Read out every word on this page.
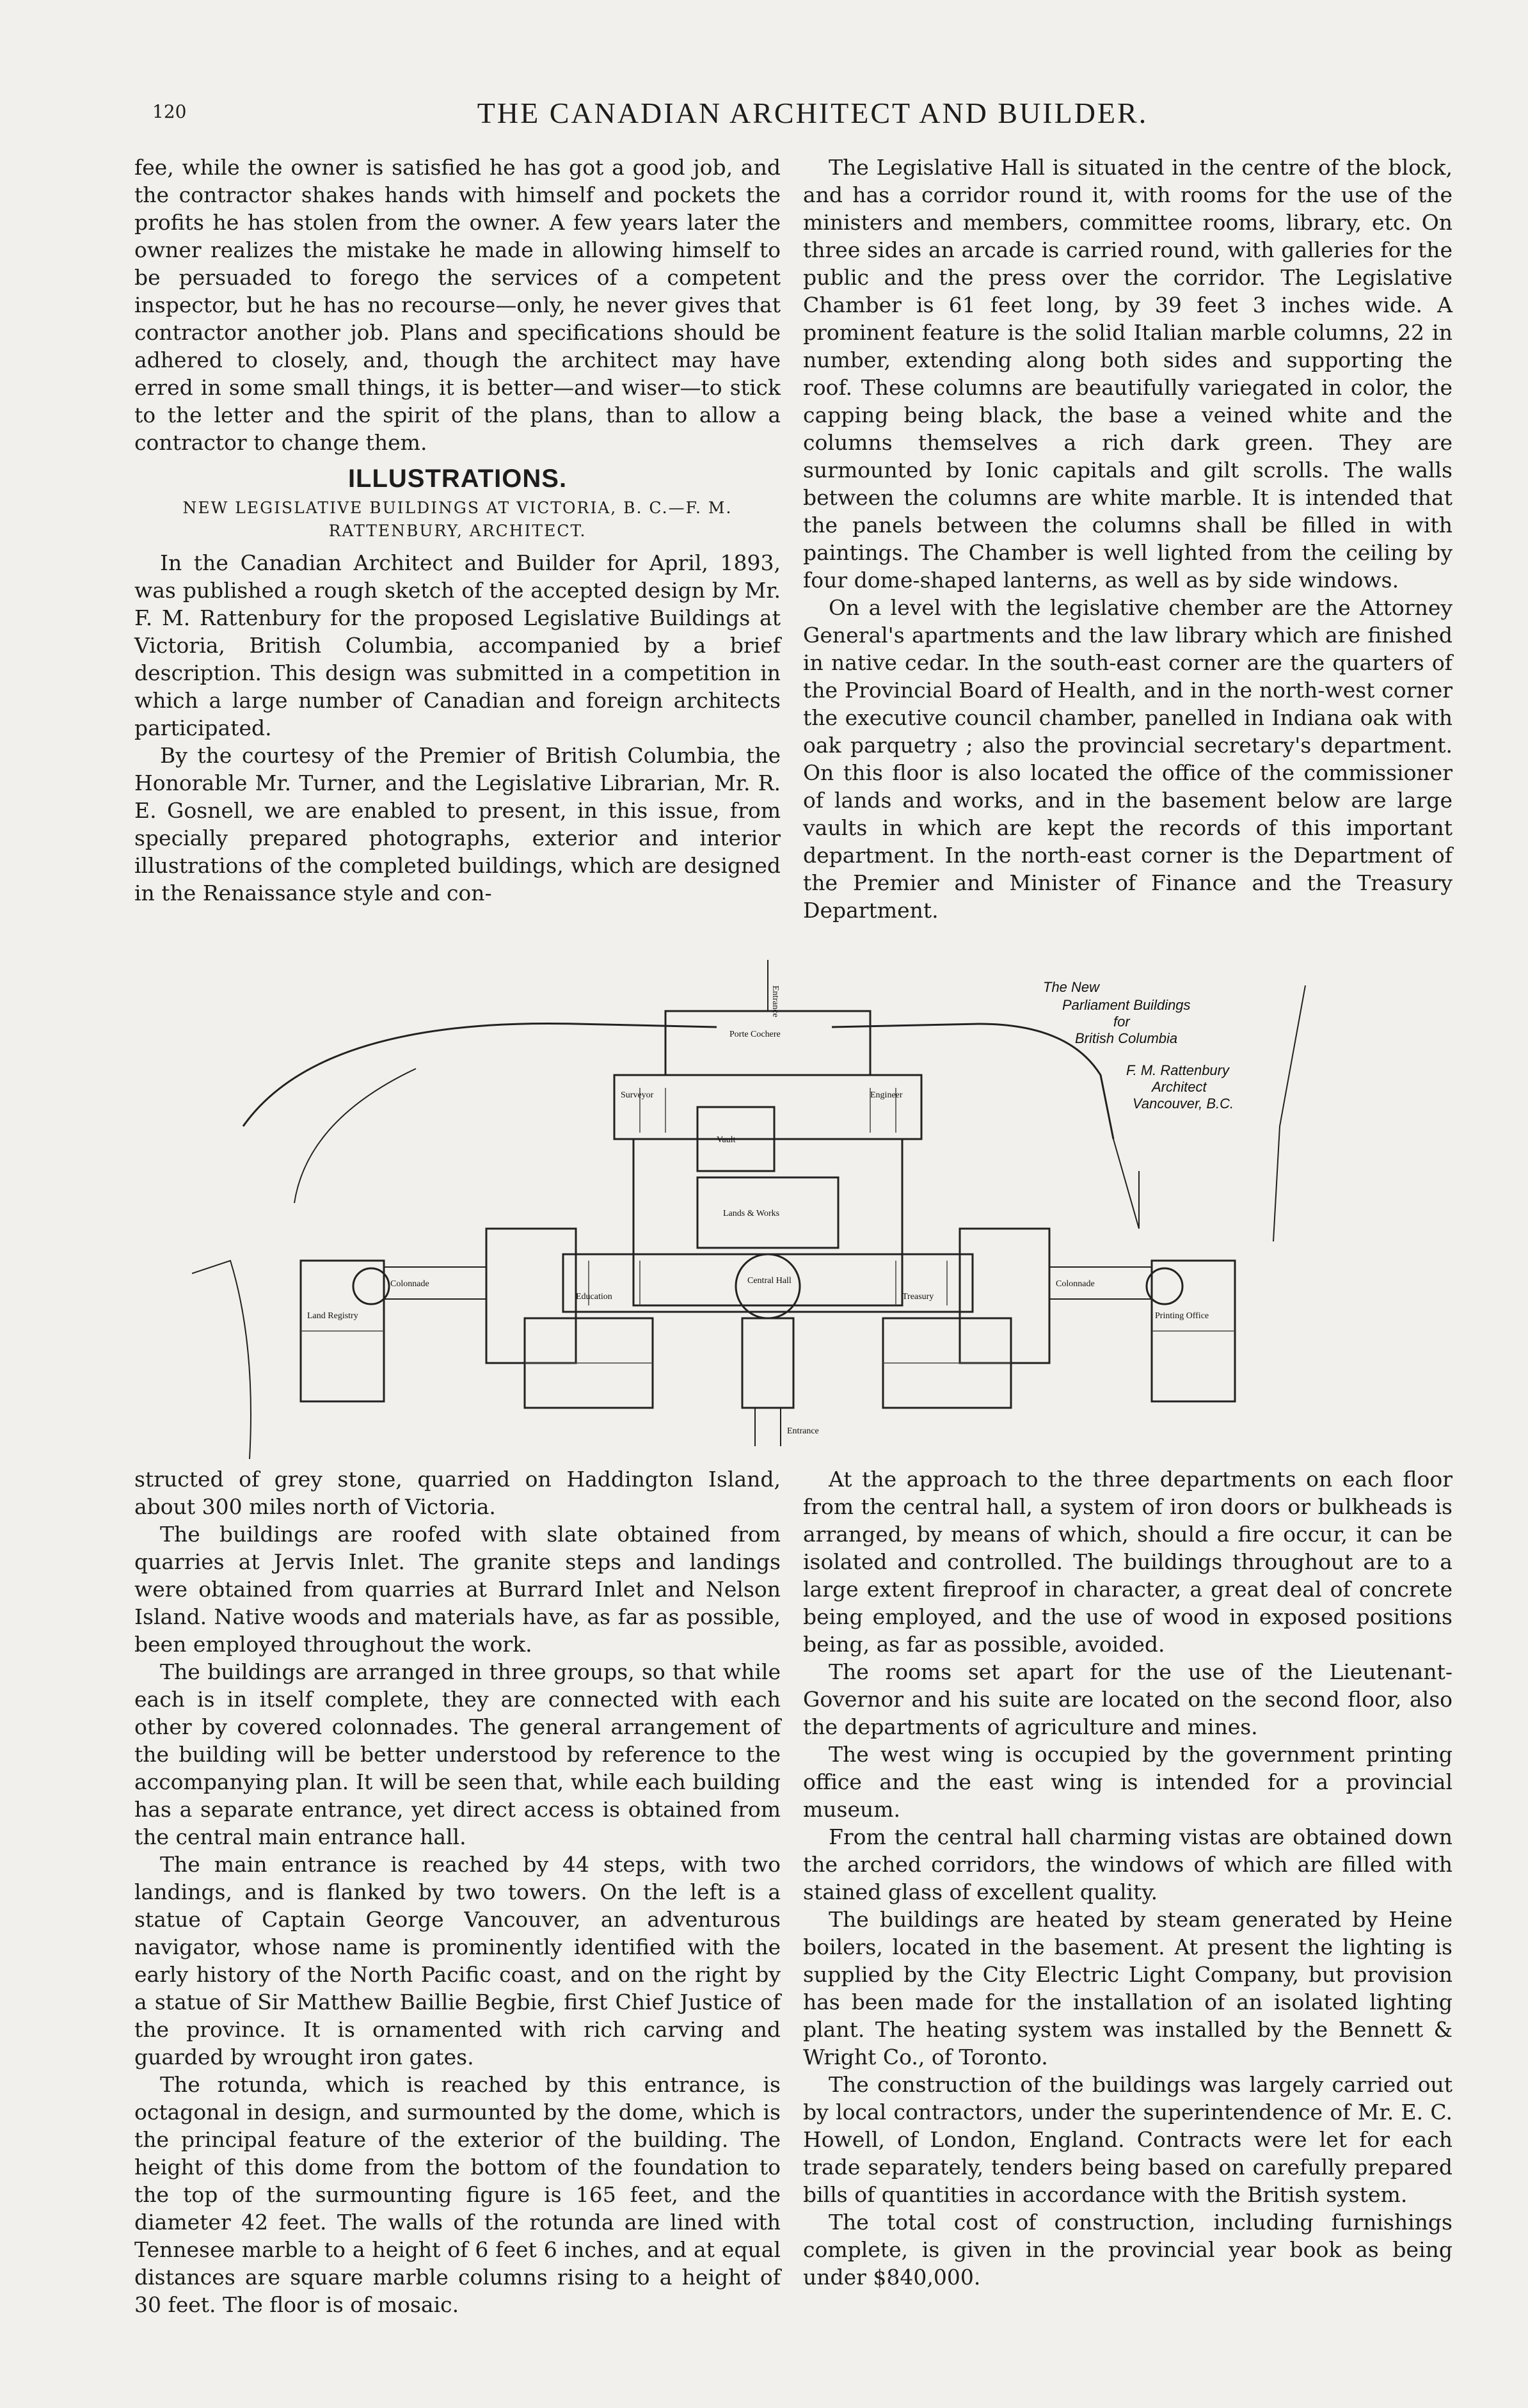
120	THE CANADIAN ARCHITECT AND BUILDER.

fee, while the owner is satisfied he has got a good job, and the contractor shakes hands with himself and pockets the profits he has stolen from the owner. A few years later the owner realizes the mistake he made in allowing himself to be persuaded to forego the services of a competent inspector, but he has no recourse—only, he never gives that contractor another job. Plans and specifications should be adhered to closely, and, though the architect may have erred in some small things, it is better—and wiser—to stick to the letter and the spirit of the plans, than to allow a contractor to change them.

ILLUSTRATIONS.
NEW LEGISLATIVE BUILDINGS AT VICTORIA, B. C.—F. M. RATTENBURY, ARCHITECT.

In the Canadian Architect and Builder for April, 1893, was published a rough sketch of the accepted design by Mr. F. M. Rattenbury for the proposed Legislative Buildings at Victoria, British Columbia, accompanied by a brief description. This design was submitted in a competition in which a large number of Canadian and foreign architects participated.

By the courtesy of the Premier of British Columbia, the Honorable Mr. Turner, and the Legislative Librarian, Mr. R. E. Gosnell, we are enabled to present, in this issue, from specially prepared photographs, exterior and interior illustrations of the completed buildings, which are designed in the Renaissance style and con-

The Legislative Hall is situated in the centre of the block, and has a corridor round it, with rooms for the use of the ministers and members, committee rooms, library, etc. On three sides an arcade is carried round, with galleries for the public and the press over the corridor. The Legislative Chamber is 61 feet long, by 39 feet 3 inches wide. A prominent feature is the solid Italian marble columns, 22 in number, extending along both sides and supporting the roof. These columns are beautifully variegated in color, the capping being black, the base a veined white and the columns themselves a rich dark green. They are surmounted by Ionic capitals and gilt scrolls. The walls between the columns are white marble. It is intended that the panels between the columns shall be filled in with paintings. The Chamber is well lighted from the ceiling by four dome-shaped lanterns, as well as by side windows.

On a level with the legislative chember are the Attorney General's apartments and the law library which are finished in native cedar. In the south-east corner are the quarters of the Provincial Board of Health, and in the north-west corner the executive council chamber, panelled in Indiana oak with oak parquetry ; also the provincial secretary's department. On this floor is also located the office of the commissioner of lands and works, and in the basement below are large vaults in which are kept the records of this important department. In the north-east corner is the Department of the Premier and Minister of Finance and the Treasury Department.

Entrance
Porte Cochere
Surveyor	Engineer
Vault
Lands & Works
Central Hall
Colonnade	Colonnade
Land Registry
Education	Treasury
Printing Office
Entrance
The New
Parliament Buildings
for
British Columbia
F. M. Rattenbury
Architect
Vancouver, B.C.

structed of grey stone, quarried on Haddington Island, about 300 miles north of Victoria.

The buildings are roofed with slate obtained from quarries at Jervis Inlet. The granite steps and landings were obtained from quarries at Burrard Inlet and Nelson Island. Native woods and materials have, as far as possible, been employed throughout the work.

The buildings are arranged in three groups, so that while each is in itself complete, they are connected with each other by covered colonnades. The general arrangement of the building will be better understood by reference to the accompanying plan. It will be seen that, while each building has a separate entrance, yet direct access is obtained from the central main entrance hall.

The main entrance is reached by 44 steps, with two landings, and is flanked by two towers. On the left is a statue of Captain George Vancouver, an adventurous navigator, whose name is prominently identified with the early history of the North Pacific coast, and on the right by a statue of Sir Matthew Baillie Begbie, first Chief Justice of the province. It is ornamented with rich carving and guarded by wrought iron gates.

The rotunda, which is reached by this entrance, is octagonal in design, and surmounted by the dome, which is the principal feature of the exterior of the building. The height of this dome from the bottom of the foundation to the top of the surmounting figure is 165 feet, and the diameter 42 feet. The walls of the rotunda are lined with Tennesee marble to a height of 6 feet 6 inches, and at equal distances are square marble columns rising to a height of 30 feet. The floor is of mosaic.

At the approach to the three departments on each floor from the central hall, a system of iron doors or bulkheads is arranged, by means of which, should a fire occur, it can be isolated and controlled. The buildings throughout are to a large extent fireproof in character, a great deal of concrete being employed, and the use of wood in exposed positions being, as far as possible, avoided.

The rooms set apart for the use of the Lieutenant-Governor and his suite are located on the second floor, also the departments of agriculture and mines.

The west wing is occupied by the government printing office and the east wing is intended for a provincial museum.

From the central hall charming vistas are obtained down the arched corridors, the windows of which are filled with stained glass of excellent quality.

The buildings are heated by steam generated by Heine boilers, located in the basement. At present the lighting is supplied by the City Electric Light Company, but provision has been made for the installation of an isolated lighting plant. The heating system was installed by the Bennett & Wright Co., of Toronto.

The construction of the buildings was largely carried out by local contractors, under the superintendence of Mr. E. C. Howell, of London, England. Contracts were let for each trade separately, tenders being based on carefully prepared bills of quantities in accordance with the British system.

The total cost of construction, including furnishings complete, is given in the provincial year book as being under $840,000.
